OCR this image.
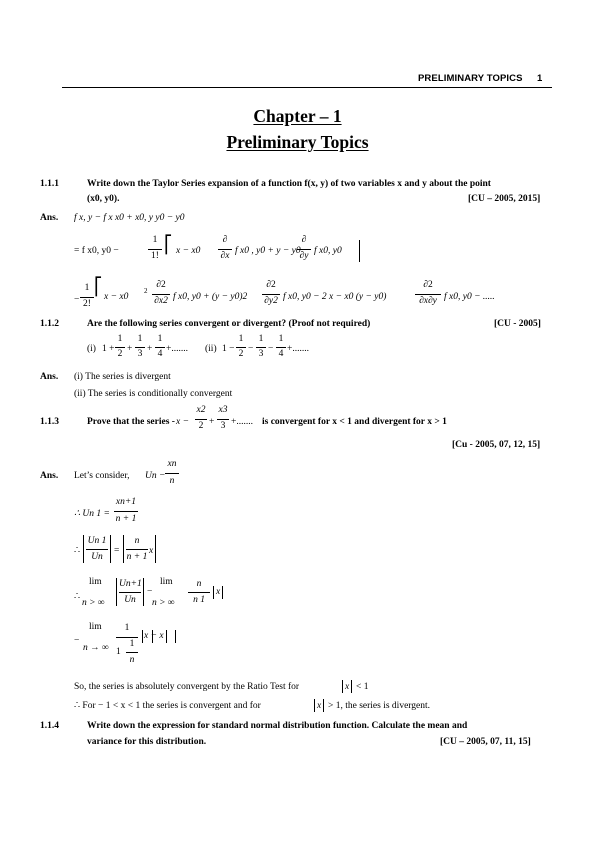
PRELIMINARY TOPICS 1
Chapter – 1
Preliminary Topics
1.1.1	Write down the Taylor Series expansion of a function f(x, y) of two variables x and y about the point
(x0, y0).	[CU – 2005, 2015]
Ans. f x, y − f x x0 + x0, y y0 − y0
= f x0, y0 −
1
1!
⎡ x − x0
∂
∂x f x0 , y0 + y − y0
∂
∂y f x0, y0
−
1
2!
⎡
x − x0
2
∂2
∂x2 f x0, y0 + (y − y0)2
∂2
∂y2 f x0, y0 − 2 x − x0 (y − y0)
∂2
∂x∂y f x0, y0 − .....
1.1.2	Are the following series convergent or divergent? (Proof not required)	[CU - 2005]
(i) 1 +
1
2 +
1
3 +
1
4 +....... (ii) 1 −
1
2 −
1
3 −
1
4 +.......
Ans. (i) The series is divergent
(ii) The series is conditionally convergent
1.1.3	Prove that the series - x −
x2
2 +
x3
3 +....... is convergent for x < 1 and divergent for x > 1
[Cu - 2005, 07, 12, 15]
Ans. Let’s consider, Un −
xn
n
∴ Un 1 =
xn+1
n + 1
∴
Un 1
Un
=
n
n + 1
x
lim
∴
n > ∞
Un+1
Un
−
lim
n > ∞
n
n 1
x
lim
−
n → ∞
1
1
1
n
x − x
So, the series is absolutely convergent by the Ratio Test for	x < 1
∴ For − 1 < x < 1 the series is convergent and for	x > 1, the series is divergent.
1.1.4	Write down the expression for standard normal distribution function. Calculate the mean and
variance for this distribution.	[CU – 2005, 07, 11, 15]
